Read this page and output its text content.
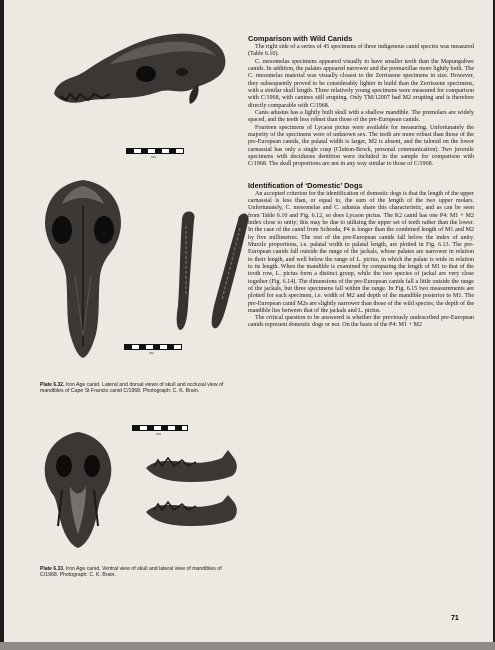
CM
CM
Plate 6.32. Iron Age canid. Lateral and dorsal views of skull and occlusal view of mandibles of Cape St Francis canid C/1968. Photograph: C. K. Brain.
CM
Plate 6.33. Iron Age canid. Ventral view of skull and lateral view of mandibles of C/1968. Photograph: C. K. Brain.
Comparison with Wild Canids

The right side of a series of 45 specimens of three indigenous canid species was measured (Table 6.10).

C. mesomelas specimens appeared visually to have smaller teeth than the Mapungubwe canids. In addition, the palates appeared narrower and the premaxillae more lightly built. The C. mesomelas material was visually closest to the Zerrissene specimens in size. However, they subsequently proved to be considerably lighter in build than the Zerrissene specimens, with a similar skull length. Three relatively young specimens were measured for comparison with C/1968, with canines still erupting. Only TM/12007 had M2 erupting and is therefore directly comparable with C/1968.

Canis adustus has a lightly built skull with a shallow mandible. The premolars are widely spaced, and the teeth less robust than those of the pre-European canids.

Fourteen specimens of Lycaon pictus were available for measuring. Unfortunately the majority of the specimens were of unknown sex. The teeth are more robust than those of the pre-European canids, the palatal width is larger, M2 is absent, and the talonid on the lower carnassial has only a single cusp (Clutton-Brock, personal communication). Two juvenile specimens with deciduous dentition were included in the sample for comparison with C/1968. The skull proportions are not in any way similar to those of C/1968.

Identification of ‘Domestic’ Dogs

An accepted criterion for the identification of domestic dogs is that the length of the upper carnassial is less than, or equal to, the sum of the length of the two upper molars. Unfortunately, C. mesomelas and C. adustus share this characteristic, and as can be seen from Table 6.10 and Fig. 6.12, so does Lycaon pictus. The K2 canid has one P4: M1 + M2 index close to unity; this may be due to utilising the upper set of teeth rather than the lower. In the case of the canid from Schroda, P4 is longer than the combined length of M1 and M2 by five millimetres. The rest of the pre-European canids fall below the index of unity. Muzzle proportions, i.e. palatal width to palatal length, are plotted in Fig. 6.13. The pre-European canids fall outside the range of the jackals, whose palates are narrower in relation to their length, and well below the range of L. pictus, in which the palate is wide in relation to its length. When the mandible is examined by comparing the length of M1 to that of the tooth row, L. pictus form a distinct group, while the two species of jackal are very close together (Fig. 6.14). The dimensions of the pre-European canids fall a little outside the range of the jackals, but three specimens fall within the range. In Fig. 6.15 two measurements are plotted for each specimen, i.e. width of M2 and depth of the mandible posterior to M1. The pre-European canid M2s are slightly narrower than those of the wild species; the depth of the mandible lies between that of the jackals and L. pictus.

The critical question to be answered is whether the previously undescribed pre-European canids represent domestic dogs or not. On the basis of the P4: M1 + M2

71
